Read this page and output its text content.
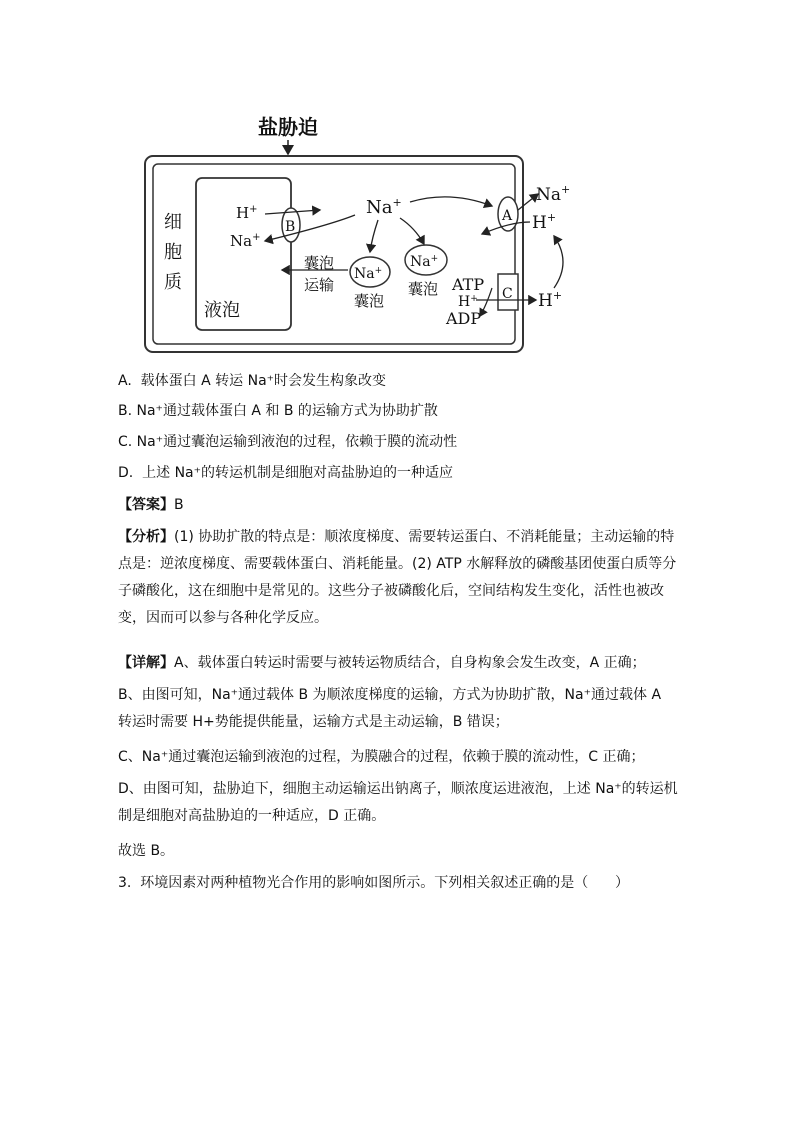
盐胁迫
细
胞
质
液泡
B
H+
Na+
Na+
囊泡
运输
Na+
囊泡
Na+
囊泡
A
Na+
H+
C
ATP
H+
ADP
H+

A.  载体蛋白 A 转运 Na⁺时会发生构象改变

B. Na⁺通过载体蛋白 A 和 B 的运输方式为协助扩散

C. Na⁺通过囊泡运输到液泡的过程，依赖于膜的流动性

D.  上述 Na⁺的转运机制是细胞对高盐胁迫的一种适应

【答案】B

【分析】(1) 协助扩散的特点是：顺浓度梯度、需要转运蛋白、不消耗能量；主动运输的特点是：逆浓度梯度、需要载体蛋白、消耗能量。(2) ATP 水解释放的磷酸基团使蛋白质等分子磷酸化，这在细胞中是常见的。这些分子被磷酸化后，空间结构发生变化，活性也被改变，因而可以参与各种化学反应。

【详解】A、载体蛋白转运时需要与被转运物质结合，自身构象会发生改变，A 正确；

B、由图可知，Na⁺通过载体 B 为顺浓度梯度的运输，方式为协助扩散，Na⁺通过载体 A 转运时需要 H+势能提供能量，运输方式是主动运输，B 错误；

C、Na⁺通过囊泡运输到液泡的过程，为膜融合的过程，依赖于膜的流动性，C 正确；

D、由图可知，盐胁迫下，细胞主动运输运出钠离子，顺浓度运进液泡，上述 Na⁺的转运机制是细胞对高盐胁迫的一种适应，D 正确。

故选 B。

3.  环境因素对两种植物光合作用的影响如图所示。下列相关叙述正确的是（      ）
